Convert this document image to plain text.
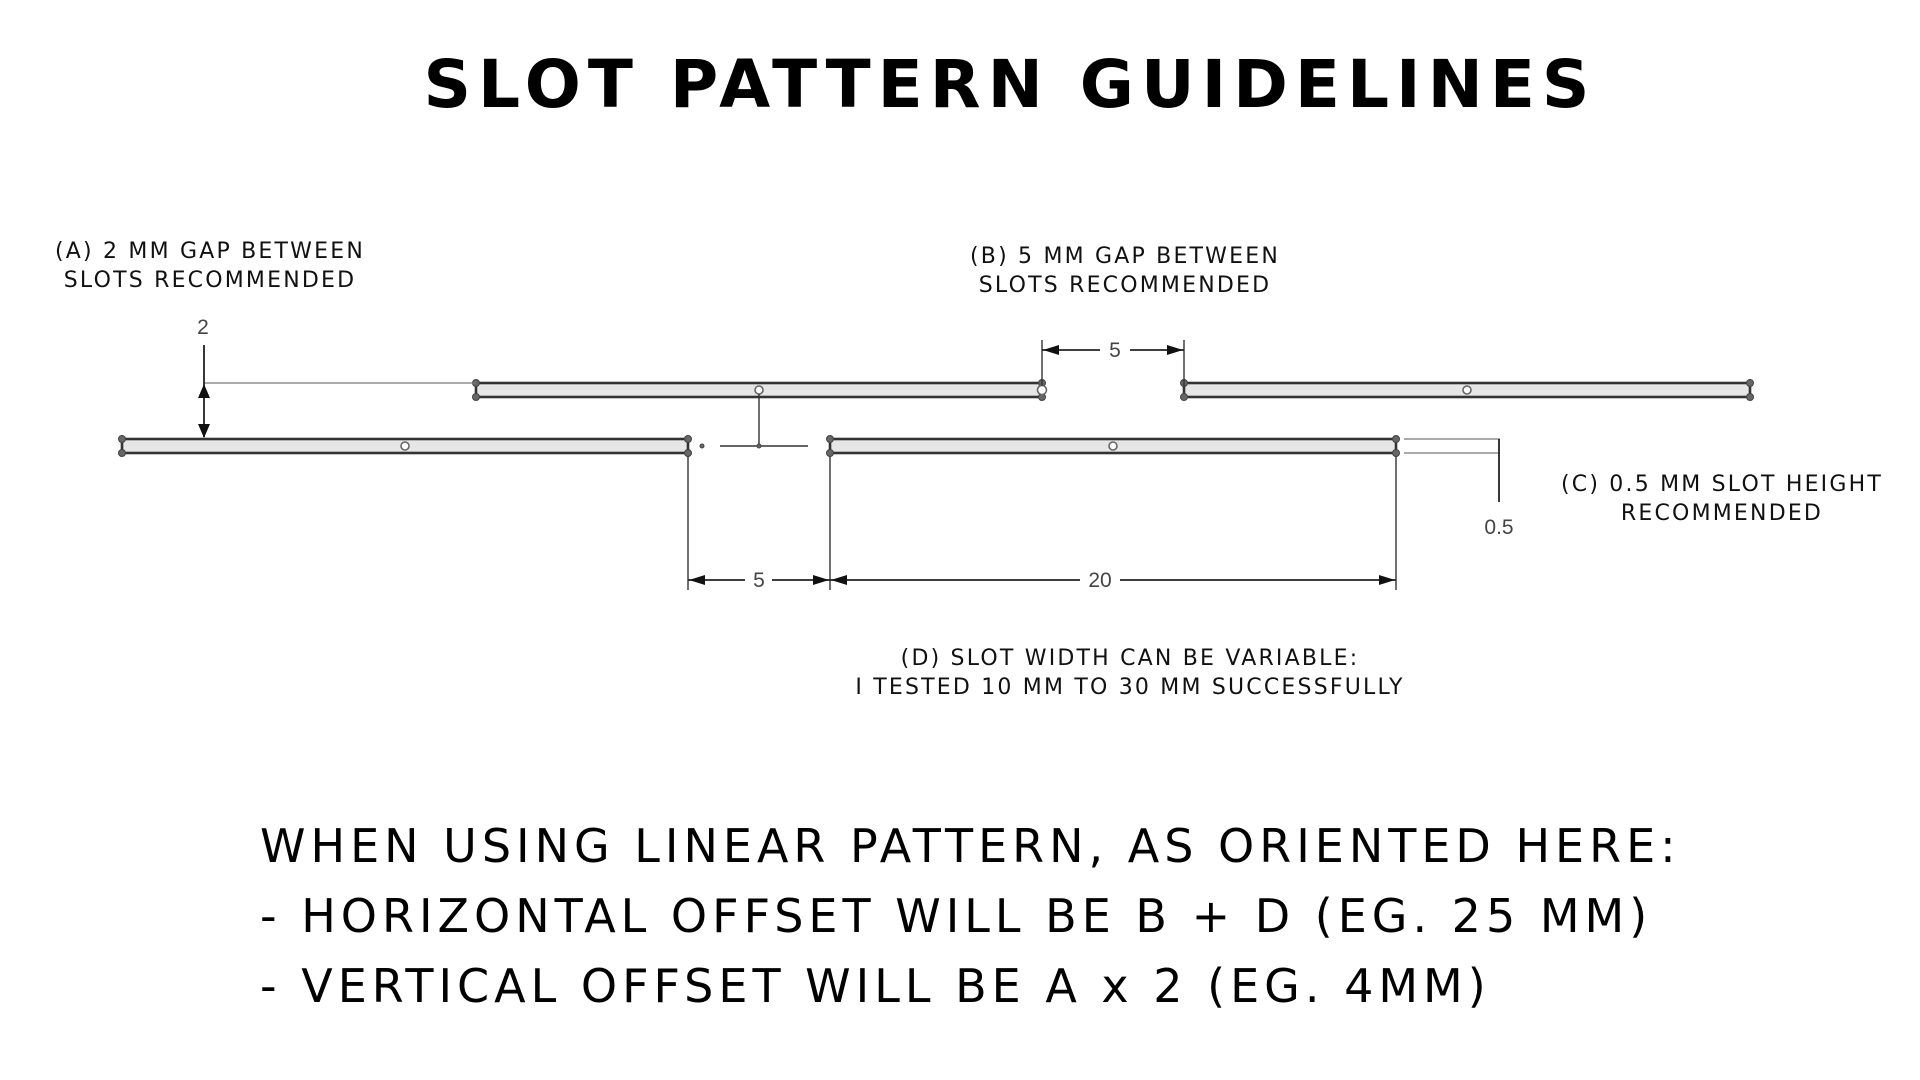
SLOT PATTERN GUIDELINES
(A) 2 MM GAP BETWEEN
SLOTS RECOMMENDED
(B) 5 MM GAP BETWEEN
SLOTS RECOMMENDED
(C) 0.5 MM SLOT HEIGHT
RECOMMENDED
(D) SLOT WIDTH CAN BE VARIABLE:
I TESTED 10 MM TO 30 MM SUCCESSFULLY
2
5
5	20
0.5
WHEN USING LINEAR PATTERN, AS ORIENTED HERE:
- HORIZONTAL OFFSET WILL BE B + D (EG. 25 MM)
- VERTICAL OFFSET WILL BE A x 2 (EG. 4MM)
